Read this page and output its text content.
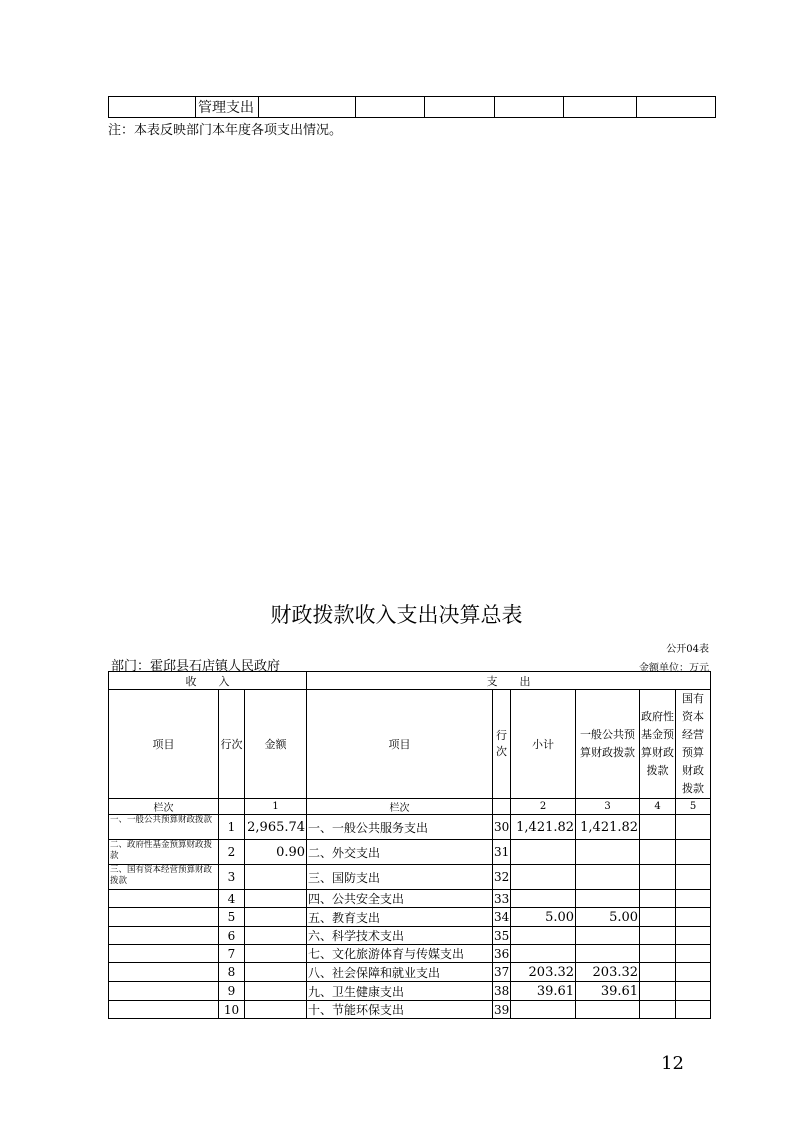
	管理支出						
注：本表反映部门本年度各项支出情况。
财政拨款收入支出决算总表
公开04表
部门：霍邱县石店镇人民政府	金额单位：万元
收　　入			支　　出					
项目	行次	金额	项目	行次	小计	一般公共预算财政拨款	政府性基金预算财政拨款	国有资本经营预算财政拨款
栏次		1	栏次		2	3	4	5
一、一般公共预算财政拨款	1	2,965.74	一、一般公共服务支出	30	1,421.82	1,421.82		
二、政府性基金预算财政拨款	2	0.90	二、外交支出	31				
三、国有资本经营预算财政拨款	3		三、国防支出	32				
	4		四、公共安全支出	33				
	5		五、教育支出	34	5.00	5.00		
	6		六、科学技术支出	35				
	7		七、文化旅游体育与传媒支出	36				
	8		八、社会保障和就业支出	37	203.32	203.32		
	9		九、卫生健康支出	38	39.61	39.61		
	10		十、节能环保支出	39				
12
